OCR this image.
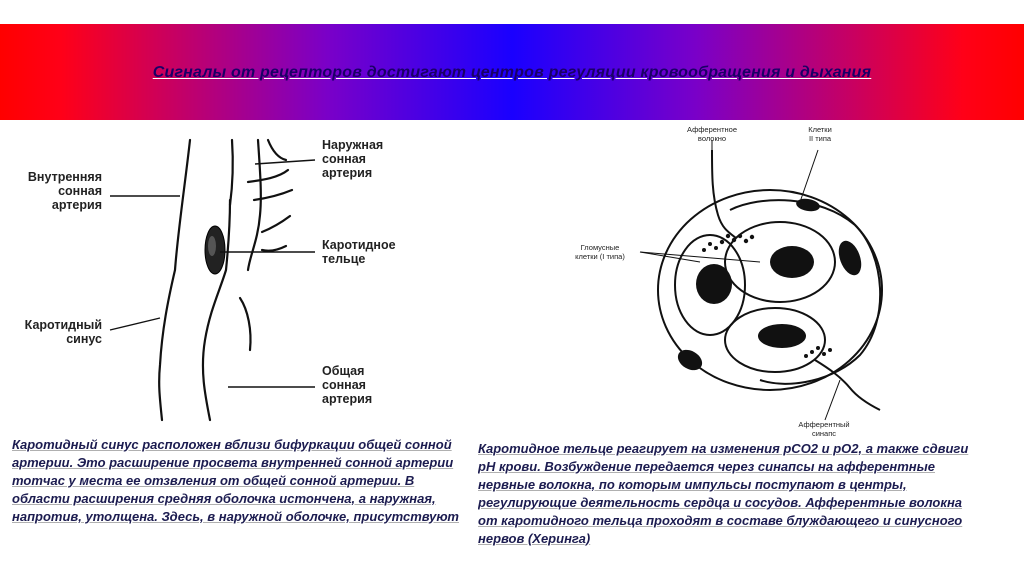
Сигналы от рецепторов достигают центров регуляции кровообращения и дыхания
Внутренняя
сонная
артерия
Наружная
сонная
артерия
Каротидное
тельце
Каротидный
синус
Общая
сонная
артерия
Афферентное
волокно
Клетки
II типа
Гломусные
клетки (I типа)
Афферентный
синапс
Каротидный синус расположен вблизи бифуркации общей сонной артерии. Это расширение просвета внутренней сонной артерии тотчас у места ее отзвления от общей сонной артерии. В области расширения средняя оболочка истончена, а наружная, напротив, утолщена. Здесь, в наружной оболочке, присутствуют
Каротидное тельце реагирует на изменения pCO2 и pO2, а также сдвиги pH крови. Возбуждение передается через синапсы на афферентные нервные волокна, по которым импульсы поступают в центры, регулирующие деятельность сердца и сосудов. Афферентные волокна от каротидного тельца проходят в составе блуждающего и синусного нервов (Херинга)
